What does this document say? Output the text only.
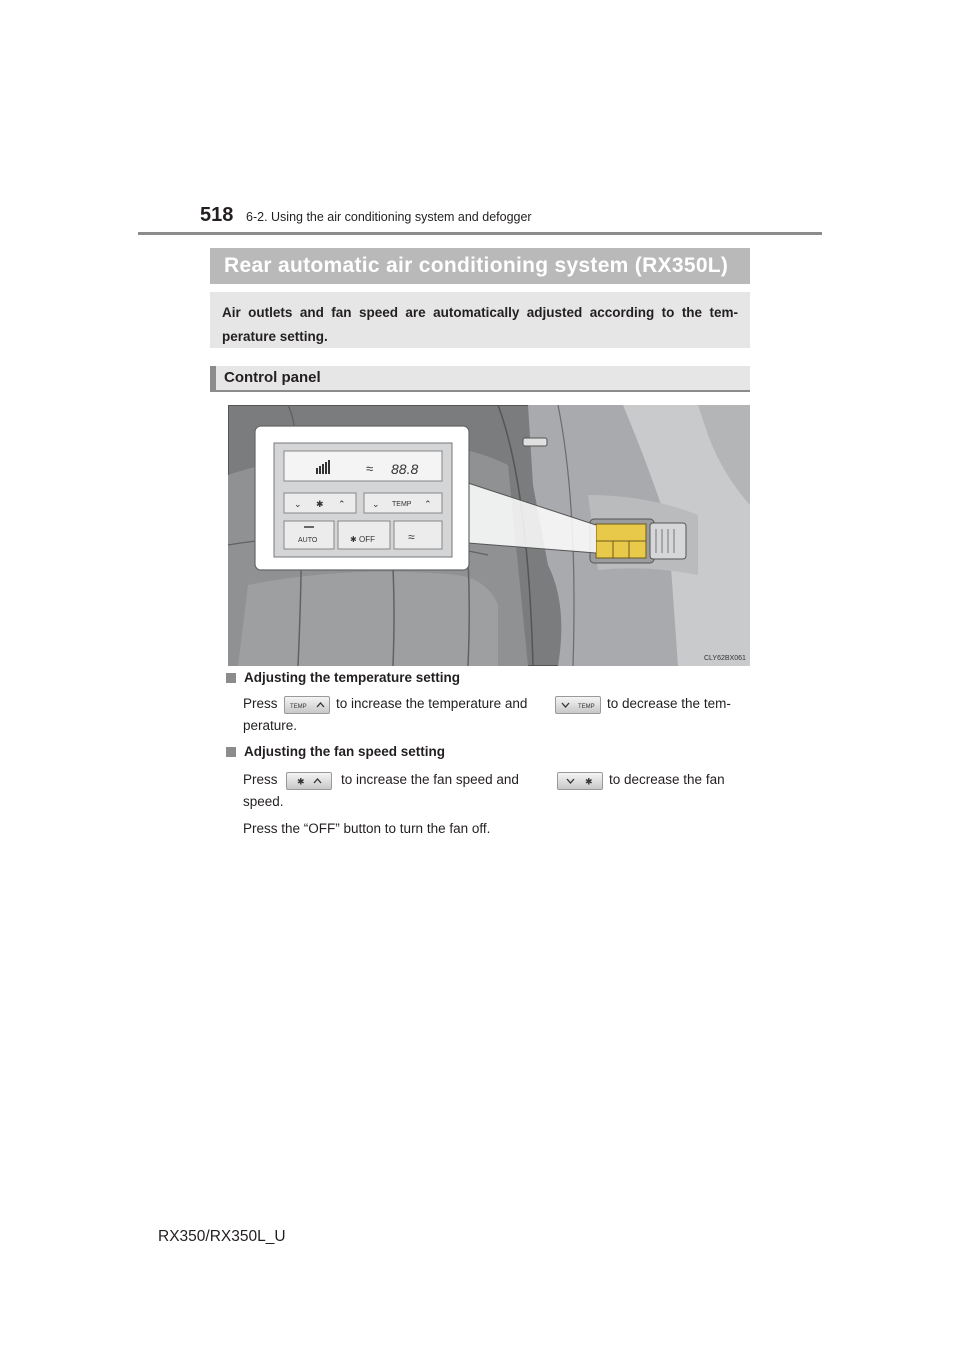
518 6-2. Using the air conditioning system and defogger
Rear automatic air conditioning system (RX350L)
Air outlets and fan speed are automatically adjusted according to the tem-perature setting.
Control panel
≈ 88.8
⌄ ✱ ⌃	⌄ TEMP ⌃
AUTO	✱ OFF	≈
CLY62BX061
Adjusting the temperature setting
Press TEMP to increase the temperature and	TEMP to decrease the tem-
perature.
Adjusting the fan speed setting
Press ✱	to increase the fan speed and	✱ to decrease the fan
speed.
Press the “OFF” button to turn the fan off.
RX350/RX350L_U
